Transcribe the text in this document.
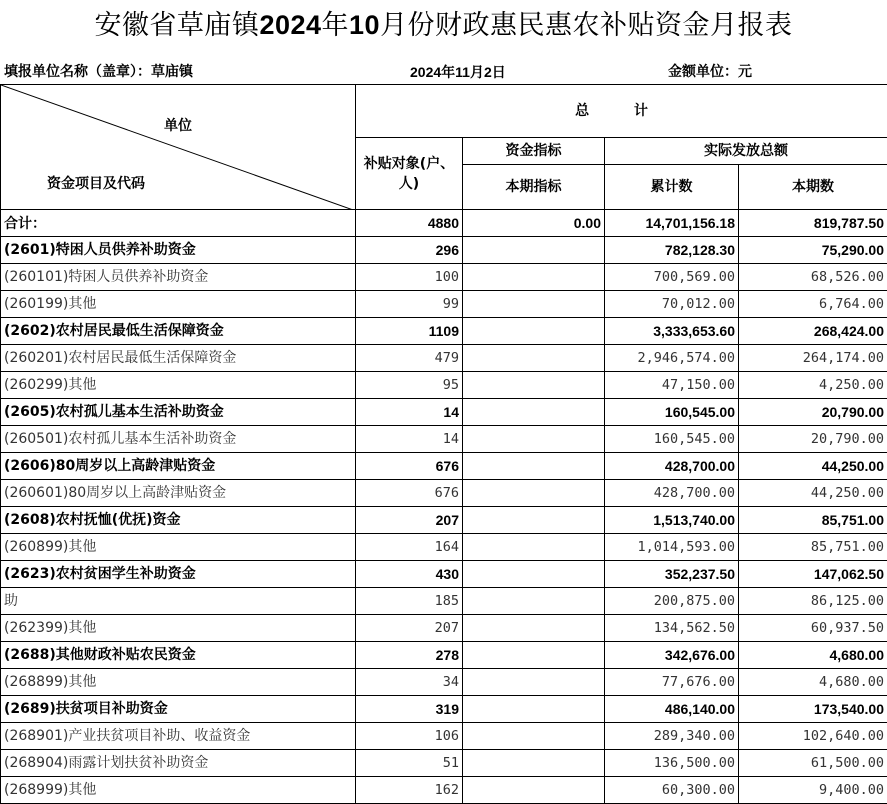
安徽省草庙镇2024年10月份财政惠民惠农补贴资金月报表
填报单位名称（盖章）：草庙镇	2024年11月2日	金额单位：元
单位
资金项目及代码	总 计			
	补贴对象(户、人)	资金指标	实际发放总额	
		本期指标	累计数	本期数
合计：	4880	0.00	14,701,156.18	819,787.50
(2601)特困人员供养补助资金	296		782,128.30	75,290.00
(260101)特困人员供养补助资金	100		700,569.00	68,526.00
(260199)其他	99		70,012.00	6,764.00
(2602)农村居民最低生活保障资金	1109		3,333,653.60	268,424.00
(260201)农村居民最低生活保障资金	479		2,946,574.00	264,174.00
(260299)其他	95		47,150.00	4,250.00
(2605)农村孤儿基本生活补助资金	14		160,545.00	20,790.00
(260501)农村孤儿基本生活补助资金	14		160,545.00	20,790.00
(2606)80周岁以上高龄津贴资金	676		428,700.00	44,250.00
(260601)80周岁以上高龄津贴资金	676		428,700.00	44,250.00
(2608)农村抚恤(优抚)资金	207		1,513,740.00	85,751.00
(260899)其他	164		1,014,593.00	85,751.00
(2623)农村贫困学生补助资金	430		352,237.50	147,062.50
助	185		200,875.00	86,125.00
(262399)其他	207		134,562.50	60,937.50
(2688)其他财政补贴农民资金	278		342,676.00	4,680.00
(268899)其他	34		77,676.00	4,680.00
(2689)扶贫项目补助资金	319		486,140.00	173,540.00
(268901)产业扶贫项目补助、收益资金	106		289,340.00	102,640.00
(268904)雨露计划扶贫补助资金	51		136,500.00	61,500.00
(268999)其他	162		60,300.00	9,400.00
